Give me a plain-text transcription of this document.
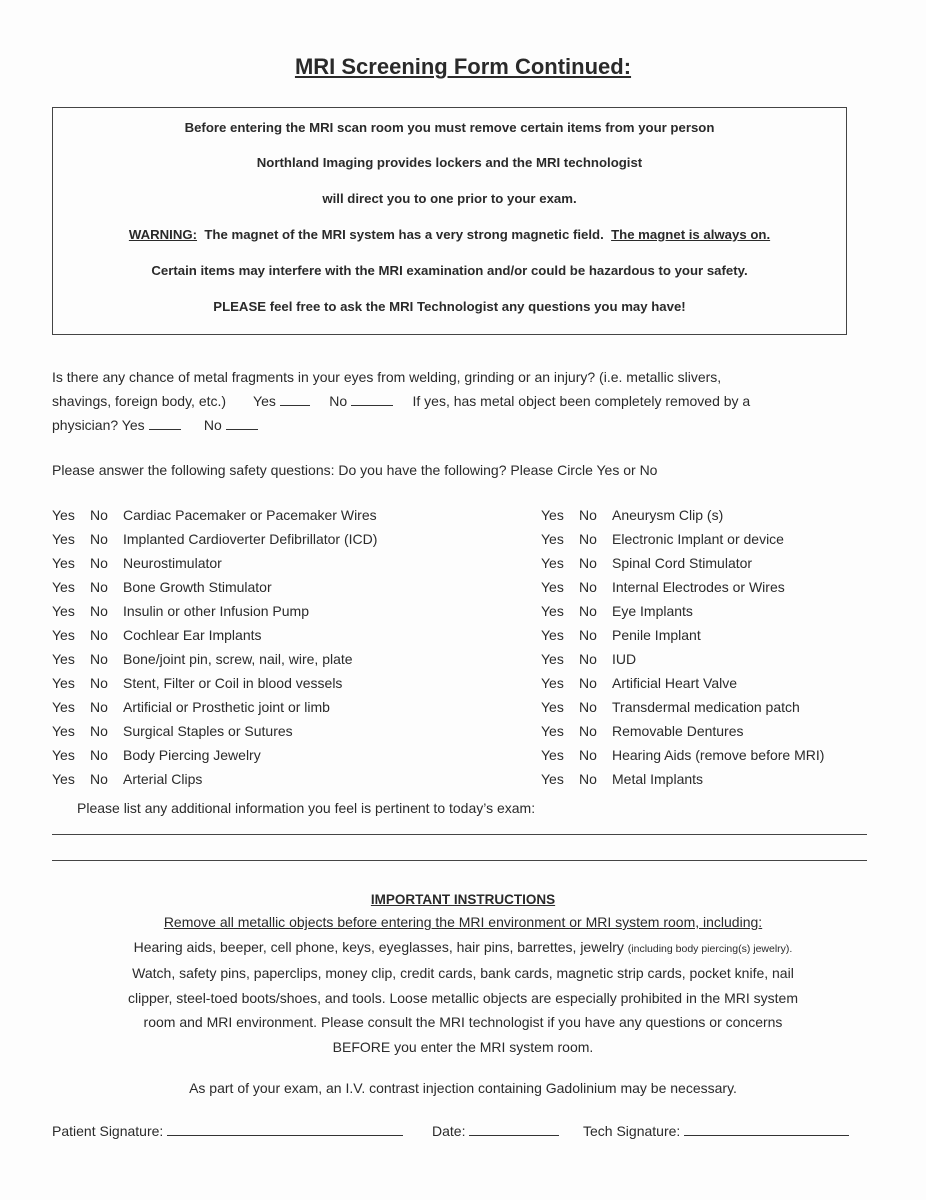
MRI Screening Form Continued:
Before entering the MRI scan room you must remove certain items from your person
Northland Imaging provides lockers and the MRI technologist
will direct you to one prior to your exam.
WARNING: The magnet of the MRI system has a very strong magnetic field. The magnet is always on.
Certain items may interfere with the MRI examination and/or could be hazardous to your safety.
PLEASE feel free to ask the MRI Technologist any questions you may have!
Is there any chance of metal fragments in your eyes from welding, grinding or an injury? (i.e. metallic slivers,
shavings, foreign body, etc.) Yes	No	If yes, has metal object been completely removed by a
physician? Yes	No
Please answer the following safety questions: Do you have the following? Please Circle Yes or No
Yes No Cardiac Pacemaker or Pacemaker Wires
Yes No Implanted Cardioverter Defibrillator (ICD)
Yes No Neurostimulator
Yes No Bone Growth Stimulator
Yes No Insulin or other Infusion Pump
Yes No Cochlear Ear Implants
Yes No Bone/joint pin, screw, nail, wire, plate
Yes No Stent, Filter or Coil in blood vessels
Yes No Artificial or Prosthetic joint or limb
Yes No Surgical Staples or Sutures
Yes No Body Piercing Jewelry
Yes No Arterial Clips
Yes No Aneurysm Clip (s)
Yes No Electronic Implant or device
Yes No Spinal Cord Stimulator
Yes No Internal Electrodes or Wires
Yes No Eye Implants
Yes No Penile Implant
Yes No IUD
Yes No Artificial Heart Valve
Yes No Transdermal medication patch
Yes No Removable Dentures
Yes No Hearing Aids (remove before MRI)
Yes No Metal Implants
Please list any additional information you feel is pertinent to today’s exam:
IMPORTANT INSTRUCTIONS
Remove all metallic objects before entering the MRI environment or MRI system room, including:
Hearing aids, beeper, cell phone, keys, eyeglasses, hair pins, barrettes, jewelry (including body piercing(s) jewelry).
Watch, safety pins, paperclips, money clip, credit cards, bank cards, magnetic strip cards, pocket knife, nail
clipper, steel-toed boots/shoes, and tools. Loose metallic objects are especially prohibited in the MRI system
room and MRI environment. Please consult the MRI technologist if you have any questions or concerns
BEFORE you enter the MRI system room.
As part of your exam, an I.V. contrast injection containing Gadolinium may be necessary.
Patient Signature:	Date:	Tech Signature:
